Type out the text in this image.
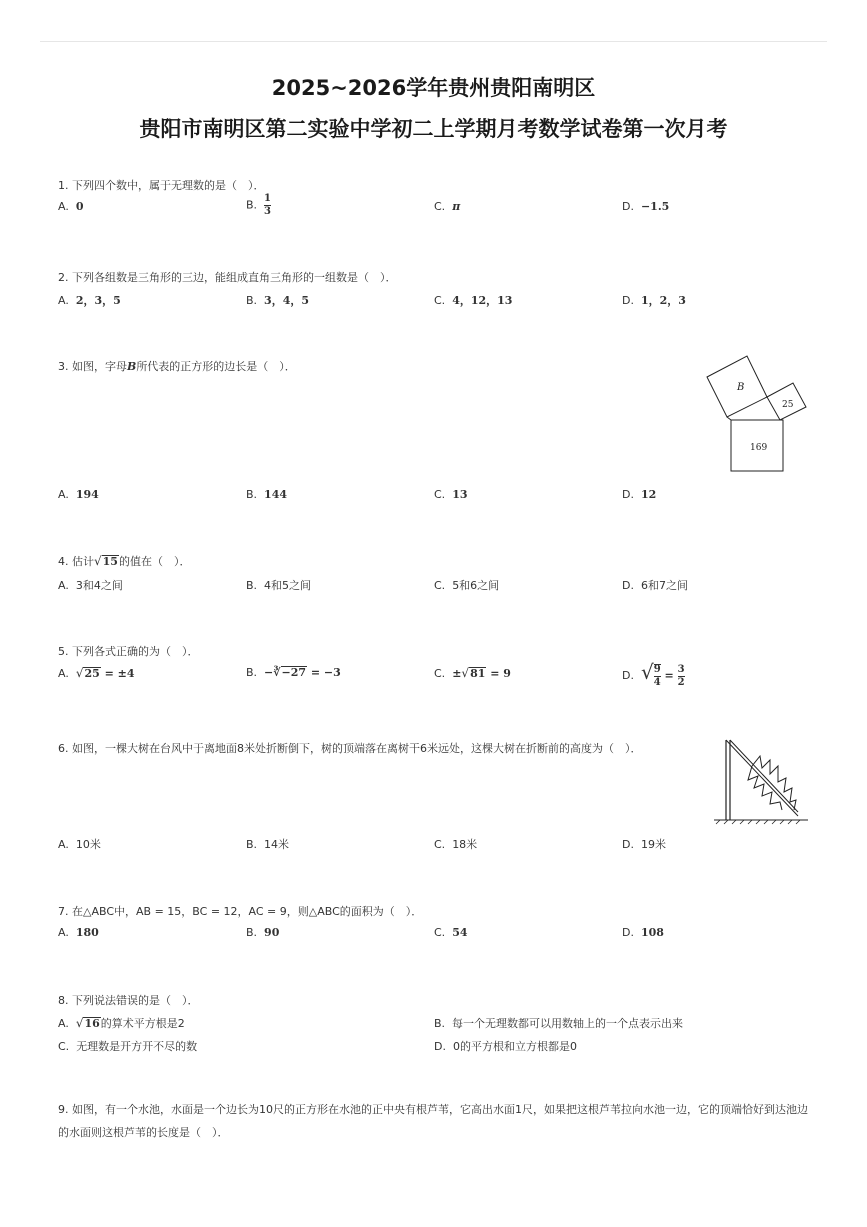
2025~2026学年贵州贵阳南明区
贵阳市南明区第二实验中学初二上学期月考数学试卷第一次月考
1. 下列四个数中，属于无理数的是（　）．
A. 0	B. $\frac{1}{3}$	C. π	D. −1.5
2. 下列各组数是三角形的三边，能组成直角三角形的一组数是（　）．
A. 2，3，5	B. 3，4，5	C. 4，12，13	D. 1，2，3
3. 如图，字母B所代表的正方形的边长是（　）．
B
25
169
A. 194	B. 144	C. 13	D. 12
4. 估计√15的值在（　）．
A. 3和4之间	B. 4和5之间	C. 5和6之间	D. 6和7之间
5. 下列各式正确的为（　）．
A. √25 = ±4	B. −∛−27 = −3	C. ±√81 = 9	D. √ $\frac{9}{4} = \frac{3}{2}$
6. 如图，一棵大树在台风中于离地面8米处折断倒下，树的顶端落在离树干6米远处，这棵大树在折断前的高度为（　）．
A. 10米	B. 14米	C. 18米	D. 19米
7. 在△ABC中，AB = 15，BC = 12，AC = 9，则△ABC的面积为（　）．
A. 180	B. 90	C. 54	D. 108
8. 下列说法错误的是（　）．
A. √16的算术平方根是2	B. 每一个无理数都可以用数轴上的一个点表示出来
C. 无理数是开方开不尽的数	D. 0的平方根和立方根都是0
9. 如图，有一个水池，水面是一个边长为10尺的正方形在水池的正中央有根芦苇，它高出水面1尺，如果把这根芦苇拉向水池一边，它的顶端恰好到达池边的水面则这根芦苇的长度是（　）．
